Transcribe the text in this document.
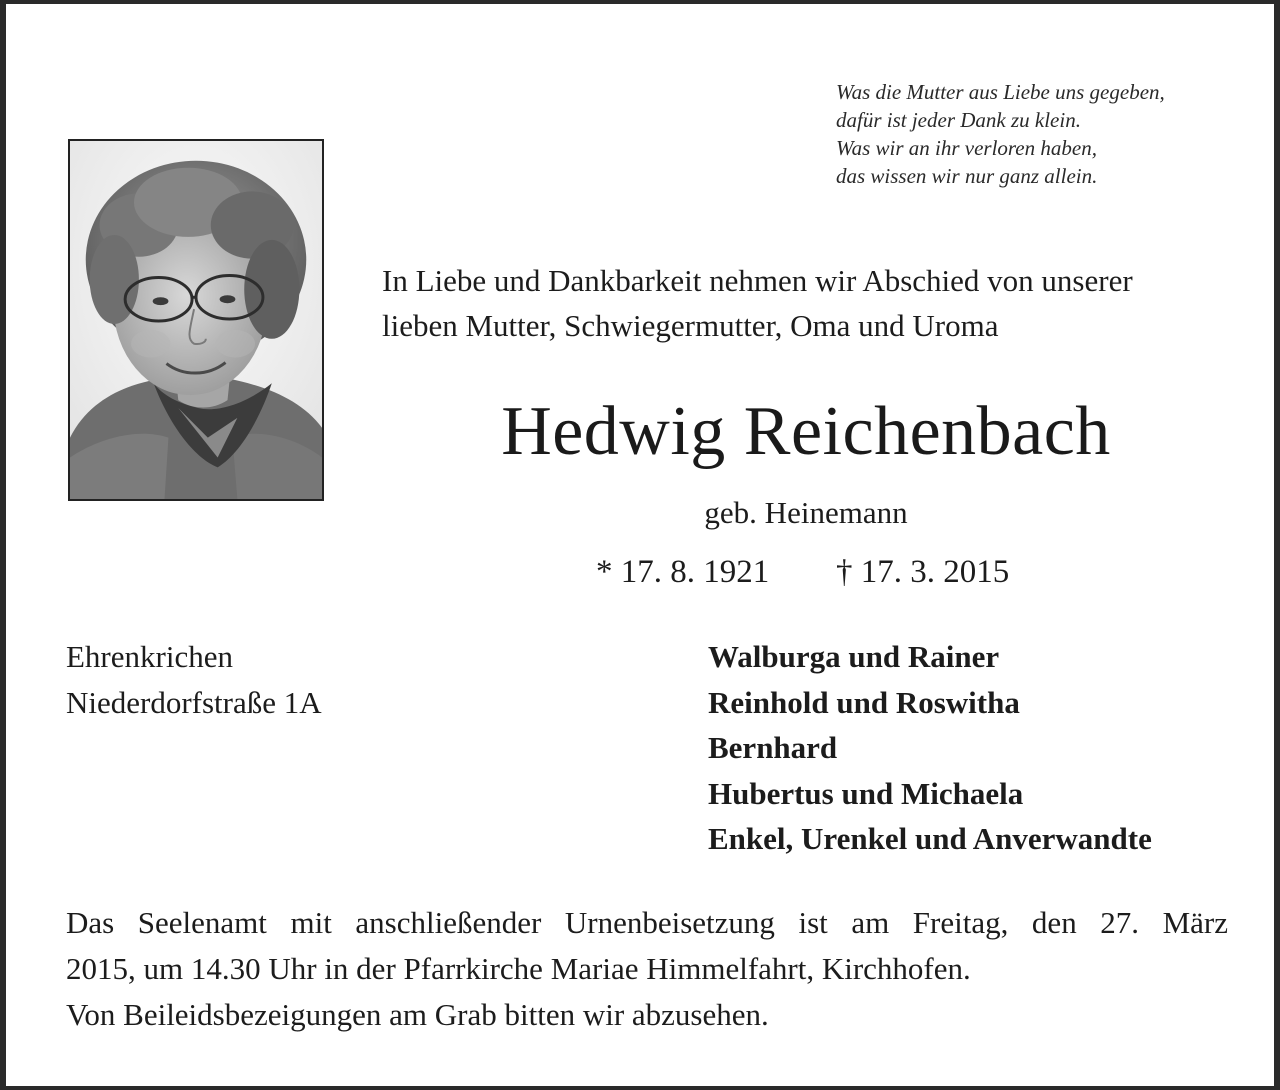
Was die Mutter aus Liebe uns gegeben,
dafür ist jeder Dank zu klein.
Was wir an ihr verloren haben,
das wissen wir nur ganz allein.
In Liebe und Dankbarkeit nehmen wir Abschied von unserer
lieben Mutter, Schwiegermutter, Oma und Uroma
Hedwig Reichenbach
geb. Heinemann
* 17. 8. 1921 † 17. 3. 2015
Ehrenkrichen
Niederdorfstraße 1A
Walburga und Rainer
Reinhold und Roswitha
Bernhard
Hubertus und Michaela
Enkel, Urenkel und Anverwandte
Das Seelenamt mit anschließender Urnenbeisetzung ist am Freitag, den 27. März
2015, um 14.30 Uhr in der Pfarrkirche Mariae Himmelfahrt, Kirchhofen.
Von Beileidsbezeigungen am Grab bitten wir abzusehen.
